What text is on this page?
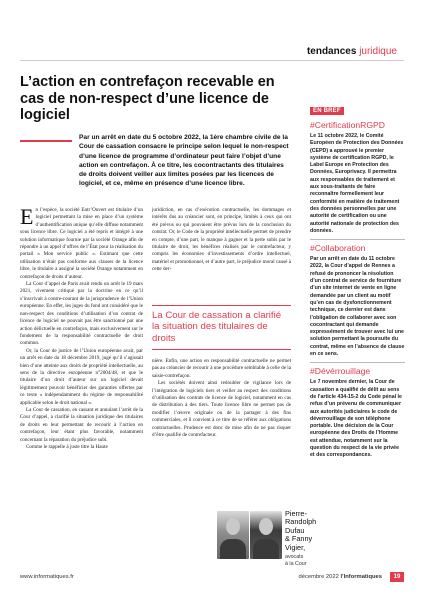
tendances juridique
L’action en contrefaçon recevable en cas de non-respect d’une licence de logiciel
Par un arrêt en date du 5 octobre 2022, la 1ère chambre civile de la Cour de cassation consacre le principe selon lequel le non-respect d’une licence de programme d’ordinateur peut faire l’objet d’une action en contrefaçon. À ce titre, les cocontractants des titulaires de droits doivent veiller aux limites posées par les licences de logiciel, et ce, même en présence d’une licence libre.
E n l’espèce, la société Entr’Ouvert est titulaire d’un logiciel permettant la mise en place d’un système d’authentification unique qu’elle diffuse notamment sous licence libre. Ce logiciel a été repris et intégré à une solution informatique fournie par la société Orange afin de répondre à un appel d’offres de l’État pour la réalisation du portail « Mon service public ». Estimant que cette utilisation n’était pas conforme aux clauses de la licence libre, le titulaire a assigné la société Orange notamment en contrefaçon de droits d’auteur.

La Cour d’appel de Paris avait rendu un arrêt le 19 mars 2021, vivement critiqué par la doctrine en ce qu’il s’inscrivait à contre-courant de la jurisprudence de l’Union européenne. En effet, les juges du fond ont considéré que le non-respect des conditions d’utilisation d’un contrat de licence de logiciel ne pouvait pas être sanctionné par une action délictuelle en contrefaçon, mais exclusivement sur le fondement de la responsabilité contractuelle de droit commun.

Or, la Cour de justice de l’Union européenne avait, par un arrêt en date du 18 décembre 2019, jugé qu’il s’agissait bien d’une atteinte aux droits de propriété intellectuelle, au sens de la directive européenne n°2004/48, et que le titulaire d’un droit d’auteur sur un logiciel devait légitimement pouvoir bénéficier des garanties offertes par ce texte « indépendamment du régime de responsabilité applicable selon le droit national ».

La Cour de cassation, en cassant et annulant l’arrêt de la Cour d’appel, a clarifié la situation juridique des titulaires de droits en leur permettant de recourir à l’action en contrefaçon, leur étant plus favorable, notamment concernant la réparation du préjudice subi.

Comme le rappelle à juste titre la Haute

juridiction, en cas d’exécution contractuelle, les dommages et intérêts dus au créancier sont, en principe, limités à ceux qui ont été prévus ou qui pouvaient être prévus lors de la conclusion du contrat. Or, le Code de la propriété intellectuelle permet de prendre en compte, d’une part, le manque à gagner et la perte subis par le titulaire de droit, les bénéfices réalisés par le contrefacteur, y compris les économies d’investissements d’ordre intellectuel, matériel et promotionnel, et d’autre part, le préjudice moral causé à cette der-

La Cour de cassation a clarifié la situation des titulaires de droits

nière. Enfin, une action en responsabilité contractuelle ne permet pas au créancier de recourir à une procédure semblable à celle de la saisie-contrefaçon.

Les sociétés doivent ainsi redoubler de vigilance lors de l’intégration de logiciels tiers et veiller au respect des conditions d’utilisation des contrats de licence de logiciel, notamment en cas de distribution à des tiers. Toute licence libre ne permet pas de modifier l’œuvre originale ou de la partager à des fins commerciales, et il convient à ce titre de se référer aux obligations contractuelles. Prudence est donc de mise afin de ne pas risquer d’être qualifié de contrefacteur.

Pierre-
Randolph
Dufau
& Fanny
Vigier,
avocats
à la Cour
EN BREF
#CertificationRGPD

Le 11 octobre 2022, le Comité Européen de Protection des Données (CEPD) a approuvé le premier système de certification RGPD, le Label Europe en Protection des Données, Europrivacy. Il permettra aux responsables de traitement et aux sous-traitants de faire reconnaître formellement leur conformité en matière de traitement des données personnelles par une autorité de certification ou une autorité nationale de protection des données.

#Collaboration

Par un arrêt en date du 11 octobre 2022, la Cour d’appel de Rennes a refusé de prononcer la résolution d’un contrat de service de fourniture d’un site internet de vente en ligne demandée par un client au motif qu’en cas de dysfonctionnement technique, ce dernier est dans l’obligation de collaborer avec son cocontractant qui demande expressément de trouver avec lui une solution permettant la poursuite du contrat, même en l’absence de clause en ce sens.

#Dévérrouillage

Le 7 novembre dernier, la Cour de cassation a qualifié de délit au sens de l’article 434-15-2 du Code pénal le refus d’un prévenu de communiquer aux autorités judiciaires le code de déverrouillage de son téléphone portable. Une décision de la Cour européenne des Droits de l’Homme est attendue, notamment sur la question du respect de la vie privée et des correspondances.

www.informatiques.fr	décembre 2022 l’Informatiques	19
